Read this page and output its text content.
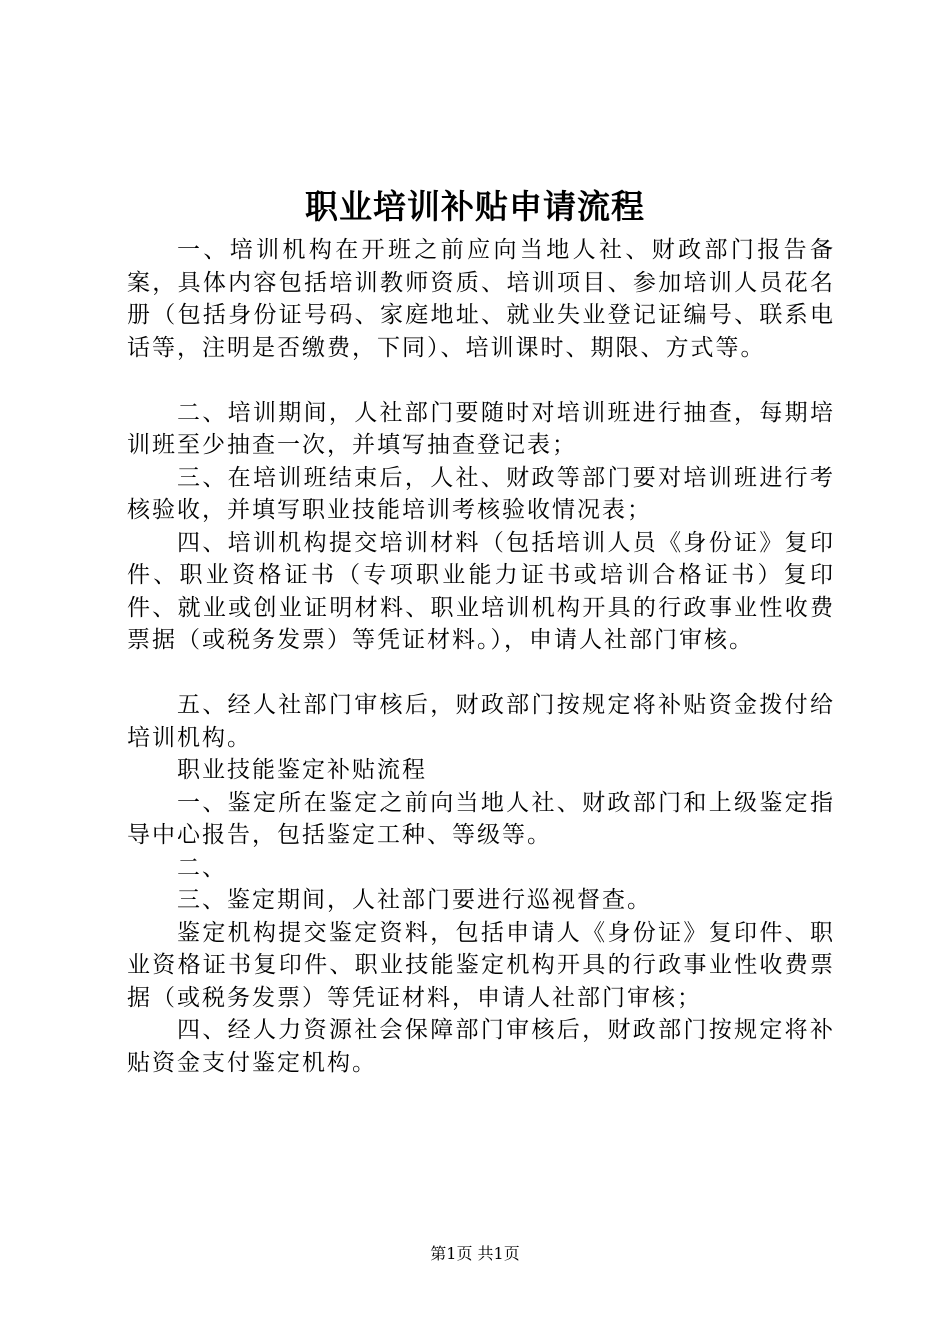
职业培训补贴申请流程

一、培训机构在开班之前应向当地人社、财政部门报告备案，具体内容包括培训教师资质、培训项目、参加培训人员花名册（包括身份证号码、家庭地址、就业失业登记证编号、联系电话等，注明是否缴费，下同）、培训课时、期限、方式等。

二、培训期间，人社部门要随时对培训班进行抽查，每期培训班至少抽查一次，并填写抽查登记表；

三、在培训班结束后，人社、财政等部门要对培训班进行考核验收，并填写职业技能培训考核验收情况表；

四、培训机构提交培训材料（包括培训人员《身份证》复印件、职业资格证书（专项职业能力证书或培训合格证书）复印件、就业或创业证明材料、职业培训机构开具的行政事业性收费票据（或税务发票）等凭证材料。），申请人社部门审核。

五、经人社部门审核后，财政部门按规定将补贴资金拨付给培训机构。

职业技能鉴定补贴流程

一、鉴定所在鉴定之前向当地人社、财政部门和上级鉴定指导中心报告，包括鉴定工种、等级等。

二、

三、鉴定期间，人社部门要进行巡视督查。

鉴定机构提交鉴定资料，包括申请人《身份证》复印件、职业资格证书复印件、职业技能鉴定机构开具的行政事业性收费票据（或税务发票）等凭证材料，申请人社部门审核；

四、经人力资源社会保障部门审核后，财政部门按规定将补贴资金支付鉴定机构。

第1页 共1页
